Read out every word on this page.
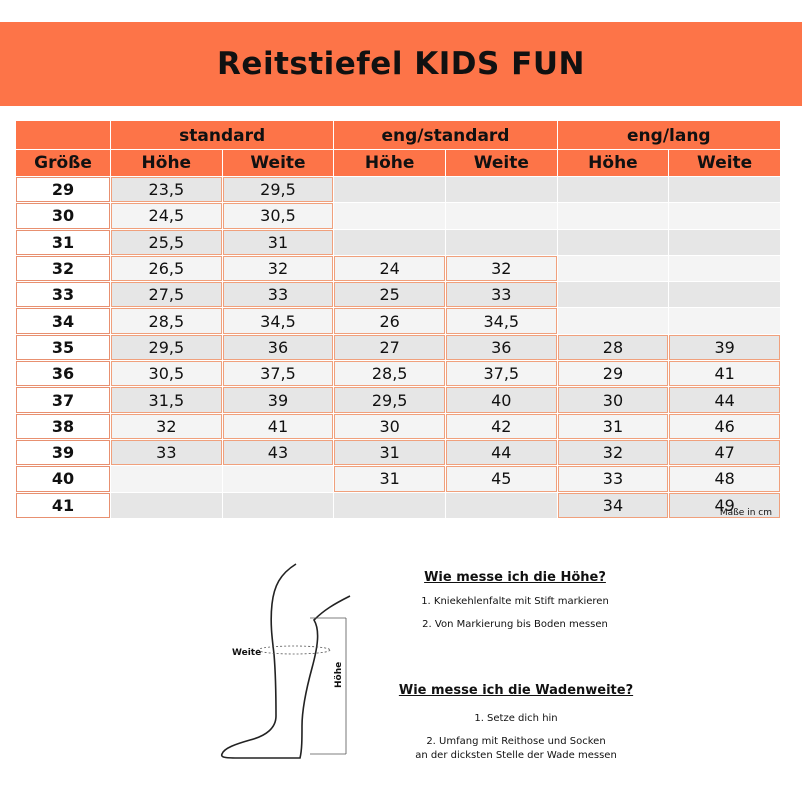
Reitstiefel KIDS FUN
	standard		eng/standard		eng/lang	
Größe	Höhe	Weite	Höhe	Weite	Höhe	Weite
29	23,5	29,5				
30	24,5	30,5				
31	25,5	31				
32	26,5	32	24	32		
33	27,5	33	25	33		
34	28,5	34,5	26	34,5		
35	29,5	36	27	36	28	39
36	30,5	37,5	28,5	37,5	29	41
37	31,5	39	29,5	40	30	44
38	32	41	30	42	31	46
39	33	43	31	44	32	47
40			31	45	33	48
41					34	49
Maße in cm
Weite
Höhe
Wie messe ich die Höhe?

1. Kniekehlenfalte mit Stift markieren

2. Von Markierung bis Boden messen

Wie messe ich die Wadenweite?

1. Setze dich hin

2. Umfang mit Reithose und Socken

an der dicksten Stelle der Wade messen
